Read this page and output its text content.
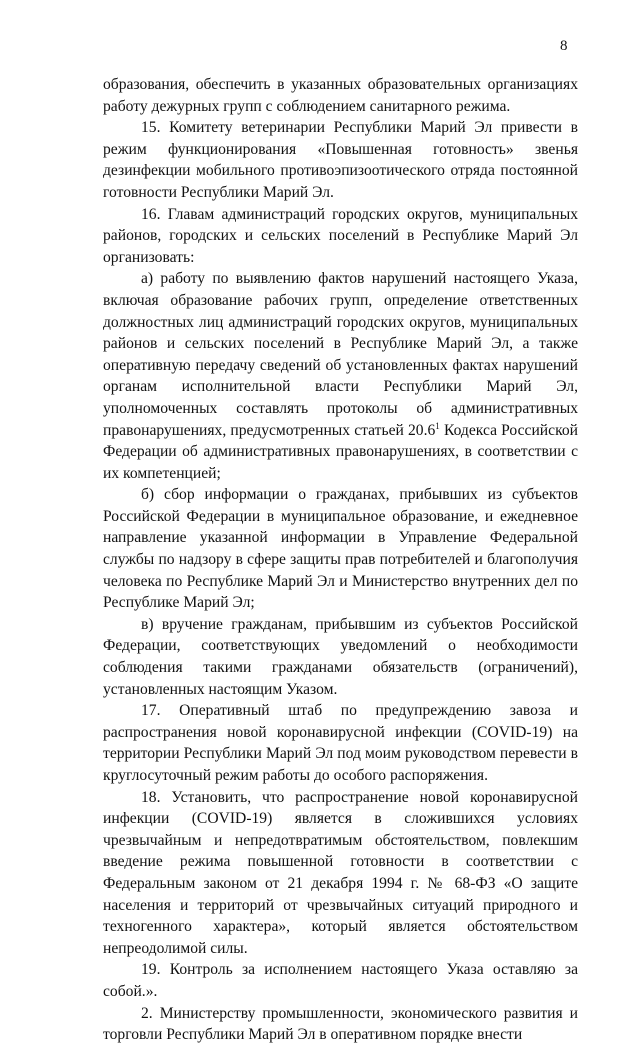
8

образования, обеспечить в указанных образовательных организациях работу дежурных групп с соблюдением санитарного режима.

15. Комитету ветеринарии Республики Марий Эл привести в режим функционирования «Повышенная готовность» звенья дезинфекции мобильного противоэпизоотического отряда постоянной готовности Республики Марий Эл.

16. Главам администраций городских округов, муниципальных районов, городских и сельских поселений в Республике Марий Эл организовать:

а) работу по выявлению фактов нарушений настоящего Указа, включая образование рабочих групп, определение ответственных должностных лиц администраций городских округов, муниципальных районов и сельских поселений в Республике Марий Эл, а также оперативную передачу сведений об установленных фактах нарушений органам исполнительной власти Республики Марий Эл, уполномоченных составлять протоколы об административных правонарушениях, предусмотренных статьей 20.6$^1$ Кодекса Российской Федерации об административных правонарушениях, в соответствии с их компетенцией;

б) сбор информации о гражданах, прибывших из субъектов Российской Федерации в муниципальное образование, и ежедневное направление указанной информации в Управление Федеральной службы по надзору в сфере защиты прав потребителей и благополучия человека по Республике Марий Эл и Министерство внутренних дел по Республике Марий Эл;

в) вручение гражданам, прибывшим из субъектов Российской Федерации, соответствующих уведомлений о необходимости соблюдения такими гражданами обязательств (ограничений), установленных настоящим Указом.

17. Оперативный штаб по предупреждению завоза и распространения новой коронавирусной инфекции (COVID-19) на территории Республики Марий Эл под моим руководством перевести в круглосуточный режим работы до особого распоряжения.

18. Установить, что распространение новой коронавирусной инфекции (COVID-19) является в сложившихся условиях чрезвычайным и непредотвратимым обстоятельством, повлекшим введение режима повышенной готовности в соответствии с Федеральным законом от 21 декабря 1994 г. № 68-ФЗ «О защите населения и территорий от чрезвычайных ситуаций природного и техногенного характера», который является обстоятельством непреодолимой силы.

19. Контроль за исполнением настоящего Указа оставляю за собой.».

2. Министерству промышленности, экономического развития и торговли Республики Марий Эл в оперативном порядке внести
